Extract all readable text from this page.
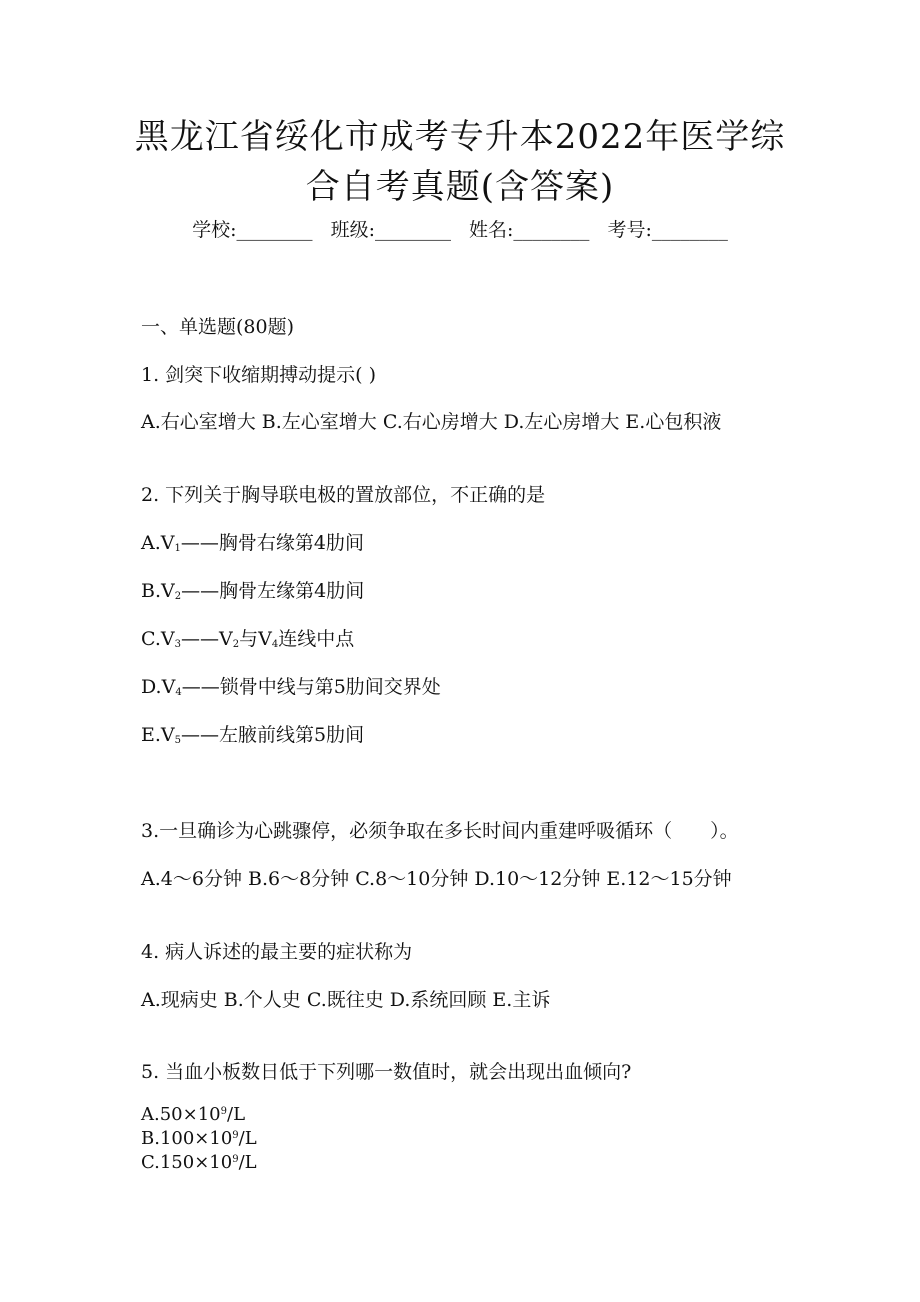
黑龙江省绥化市成考专升本2022年医学综
合自考真题(含答案)
学校:________ 班级:________ 姓名:________ 考号:________
一、单选题(80题)
1. 剑突下收缩期搏动提示( )
A.右心室增大 B.左心室增大 C.右心房增大 D.左心房增大 E.心包积液
2. 下列关于胸导联电极的置放部位，不正确的是
$A.V_1——$胸骨右缘第4肋间
$B.V_2——$胸骨左缘第4肋间
$C.V_3——V_2$与$V_4$连线中点
$D.V_4——$锁骨中线与第5肋间交界处
$E.V_5——$左腋前线第5肋间
3.一旦确诊为心跳骤停，必须争取在多长时间内重建呼吸循环（　　）。
A.4～6分钟 B.6～8分钟 C.8～10分钟 D.10～12分钟 E.12～15分钟
4. 病人诉述的最主要的症状称为
A.现病史 B.个人史 C.既往史 D.系统回顾 E.主诉
5. 当血小板数日低于下列哪一数值时，就会出现出血倾向?
$A.50\times 10^9/L$
$B.100\times 10^9/L$
$C.150\times 10^9/L$
